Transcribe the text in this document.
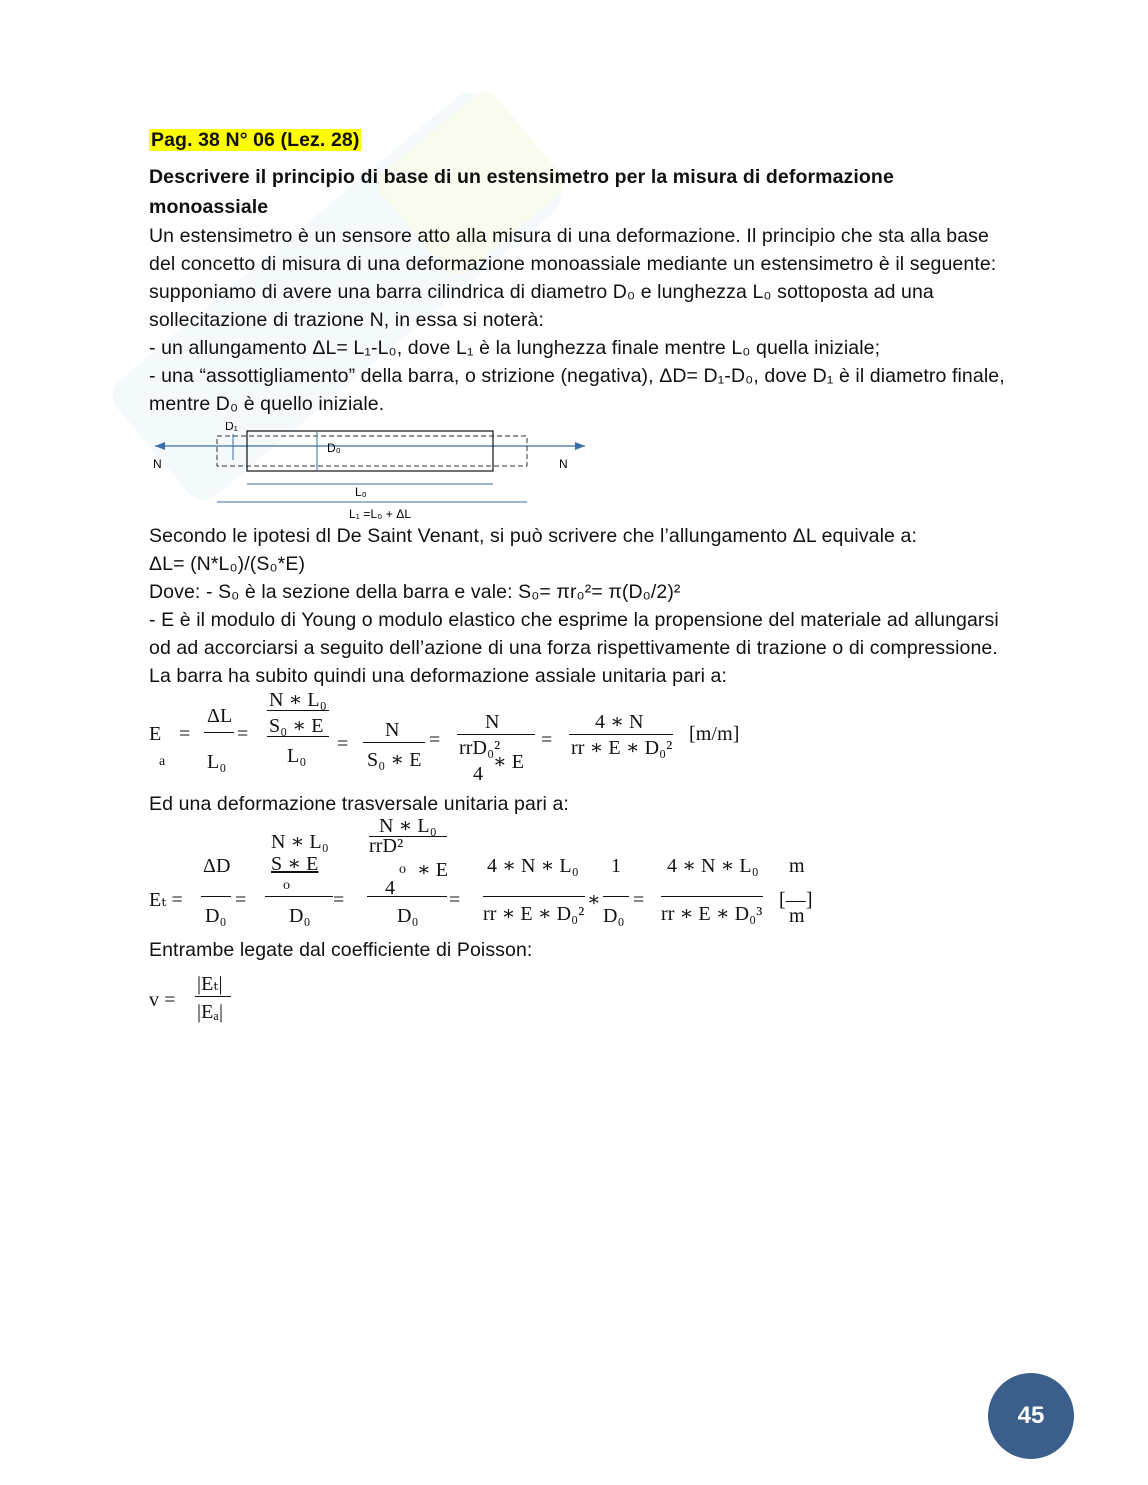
Pag. 38 N° 06 (Lez. 28)
Descrivere il principio di base di un estensimetro per la misura di deformazione monoassiale

Un estensimetro è un sensore atto alla misura di una deformazione. Il principio che sta alla base del concetto di misura di una deformazione monoassiale mediante un estensimetro è il seguente:

supponiamo di avere una barra cilindrica di diametro D₀ e lunghezza L₀ sottoposta ad una sollecitazione di trazione N, in essa si noterà:

- un allungamento ΔL= L₁-L₀, dove L₁ è la lunghezza finale mentre L₀ quella iniziale;

- una “assottigliamento” della barra, o strizione (negativa), ΔD= D₁-D₀, dove D₁ è il diametro finale, mentre D₀ è quello iniziale.

D₁
D₀
N	N
L₀
L₁ =L₀ + ΔL

Secondo le ipotesi dl De Saint Venant, si può scrivere che l’allungamento ΔL equivale a:

ΔL= (N*L₀)/(S₀*E)

Dove: - S₀ è la sezione della barra e vale: S₀= πr₀²= π(D₀/2)²

- E è il modulo di Young o modulo elastico che esprime la propensione del materiale ad allungarsi od ad accorciarsi a seguito dell’azione di una forza rispettivamente di trazione o di compressione.

La barra ha subito quindi una deformazione assiale unitaria pari a:

E
a
=
ΔL
L₀
=
N ∗ L₀
S₀ ∗ E
L₀
=
N
S₀ ∗ E
=
N
rrD₀²
4
∗ E
=
4 ∗ N
rr ∗ E ∗ D₀²
[m/m]

Ed una deformazione trasversale unitaria pari a:

Eₜ =
ΔD
D₀
=
N ∗ L₀
S ∗ E
o
D₀
=
N ∗ L₀
rrD²
o ∗ E
4
D₀
=
4 ∗ N ∗ L₀
rr ∗ E ∗ D₀²
∗
1
D₀
=
4 ∗ N ∗ L₀
rr ∗ E ∗ D₀³
m
[—]
m

Entrambe legate dal coefficiente di Poisson:

v =
|Eₜ|
|Eₐ|
45
